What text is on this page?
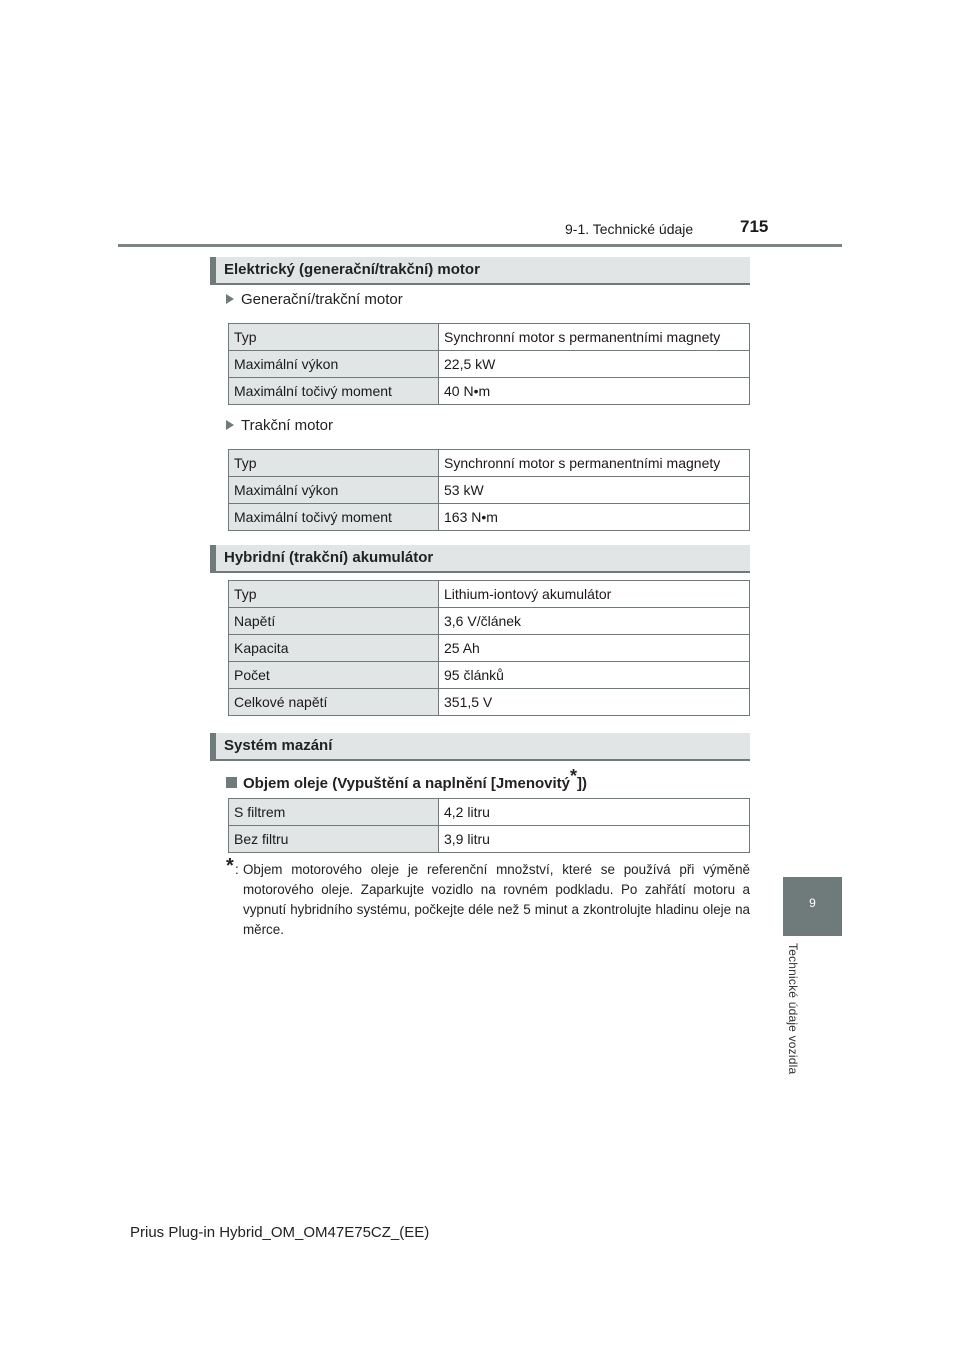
9-1. Technické údaje	715
9
Technické údaje vozidla
Elektrický (generační/trakční) motor
Generační/trakční motor
Typ	Synchronní motor s permanentními magnety
Maximální výkon	22,5 kW
Maximální točivý moment	40 N•m
Trakční motor
Typ	Synchronní motor s permanentními magnety
Maximální výkon	53 kW
Maximální točivý moment	163 N•m
Hybridní (trakční) akumulátor
Typ	Lithium-iontový akumulátor
Napětí	3,6 V/článek
Kapacita	25 Ah
Počet	95 článků
Celkové napětí	351,5 V
Systém mazání
Objem oleje (Vypuštění a naplnění [Jmenovitý*])
S filtrem	4,2 litru
Bez filtru	3,9 litru
* : Objem motorového oleje je referenční množství, které se používá při výměně motorového oleje. Zaparkujte vozidlo na rovném podkladu. Po zahřátí motoru a vypnutí hybridního systému, počkejte déle než 5 minut a zkontrolujte hladinu oleje na měrce.
Prius Plug-in Hybrid_OM_OM47E75CZ_(EE)
